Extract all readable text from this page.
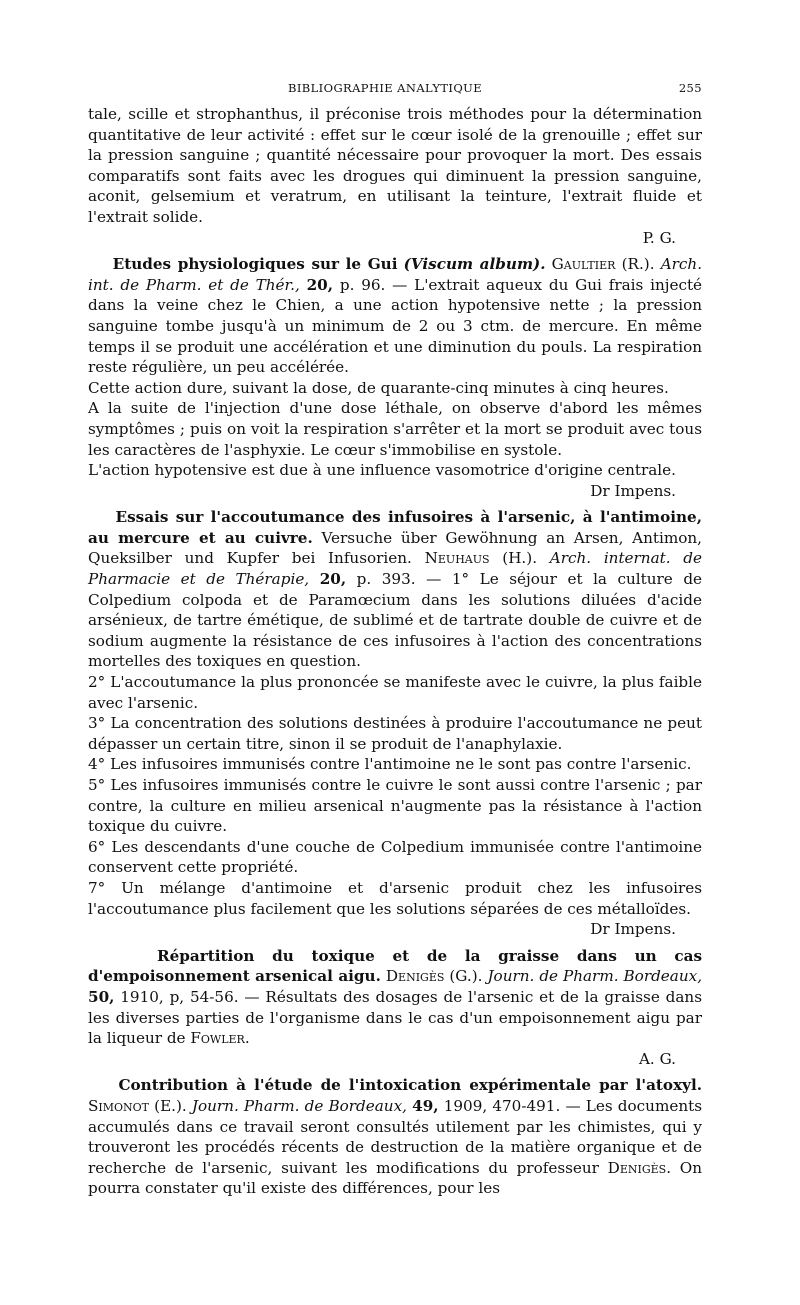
BIBLIOGRAPHIE ANALYTIQUE	255

tale, scille et strophanthus, il préconise trois méthodes pour la détermination quantitative de leur activité : effet sur le cœur isolé de la grenouille ; effet sur la pression sanguine ; quantité nécessaire pour provoquer la mort. Des essais comparatifs sont faits avec les drogues qui diminuent la pression sanguine, aconit, gelsemium et veratrum, en utilisant la teinture, l'extrait fluide et l'extrait solide.

P. G.

Etudes physiologiques sur le Gui (Viscum album). Gaultier (R.). Arch. int. de Pharm. et de Thér., 20, p. 96. — L'extrait aqueux du Gui frais injecté dans la veine chez le Chien, a une action hypotensive nette ; la pression sanguine tombe jusqu'à un minimum de 2 ou 3 ctm. de mercure. En même temps il se produit une accélération et une diminution du pouls. La respiration reste régulière, un peu accélérée.

Cette action dure, suivant la dose, de quarante-cinq minutes à cinq heures.

A la suite de l'injection d'une dose léthale, on observe d'abord les mêmes symptômes ; puis on voit la respiration s'arrêter et la mort se produit avec tous les caractères de l'asphyxie. Le cœur s'immobilise en systole.

L'action hypotensive est due à une influence vasomotrice d'origine centrale.

Dr Impens.

Essais sur l'accoutumance des infusoires à l'arsenic, à l'antimoine, au mercure et au cuivre. Versuche über Gewöhnung an Arsen, Antimon, Queksilber und Kupfer bei Infusorien. Neuhaus (H.). Arch. internat. de Pharmacie et de Thérapie, 20, p. 393. — 1° Le séjour et la culture de Colpedium colpoda et de Paramœcium dans les solutions diluées d'acide arsénieux, de tartre émétique, de sublimé et de tartrate double de cuivre et de sodium augmente la résistance de ces infusoires à l'action des concentrations mortelles des toxiques en question.

2° L'accoutumance la plus prononcée se manifeste avec le cuivre, la plus faible avec l'arsenic.

3° La concentration des solutions destinées à produire l'accoutumance ne peut dépasser un certain titre, sinon il se produit de l'anaphylaxie.

4° Les infusoires immunisés contre l'antimoine ne le sont pas contre l'arsenic.

5° Les infusoires immunisés contre le cuivre le sont aussi contre l'arsenic ; par contre, la culture en milieu arsenical n'augmente pas la résistance à l'action toxique du cuivre.

6° Les descendants d'une couche de Colpedium immunisée contre l'antimoine conservent cette propriété.

7° Un mélange d'antimoine et d'arsenic produit chez les infusoires l'accoutumance plus facilement que les solutions séparées de ces métalloïdes.

Dr Impens.

Répartition du toxique et de la graisse dans un cas d'empoisonnement arsenical aigu. Denigès (G.). Journ. de Pharm. Bordeaux, 50, 1910, p, 54-56. — Résultats des dosages de l'arsenic et de la graisse dans les diverses parties de l'organisme dans le cas d'un empoisonnement aigu par la liqueur de Fowler.

A. G.

Contribution à l'étude de l'intoxication expérimentale par l'atoxyl. Simonot (E.). Journ. Pharm. de Bordeaux, 49, 1909, 470-491. — Les documents accumulés dans ce travail seront consultés utilement par les chimistes, qui y trouveront les procédés récents de destruction de la matière organique et de recherche de l'arsenic, suivant les modifications du professeur Denigès. On pourra constater qu'il existe des différences, pour les
